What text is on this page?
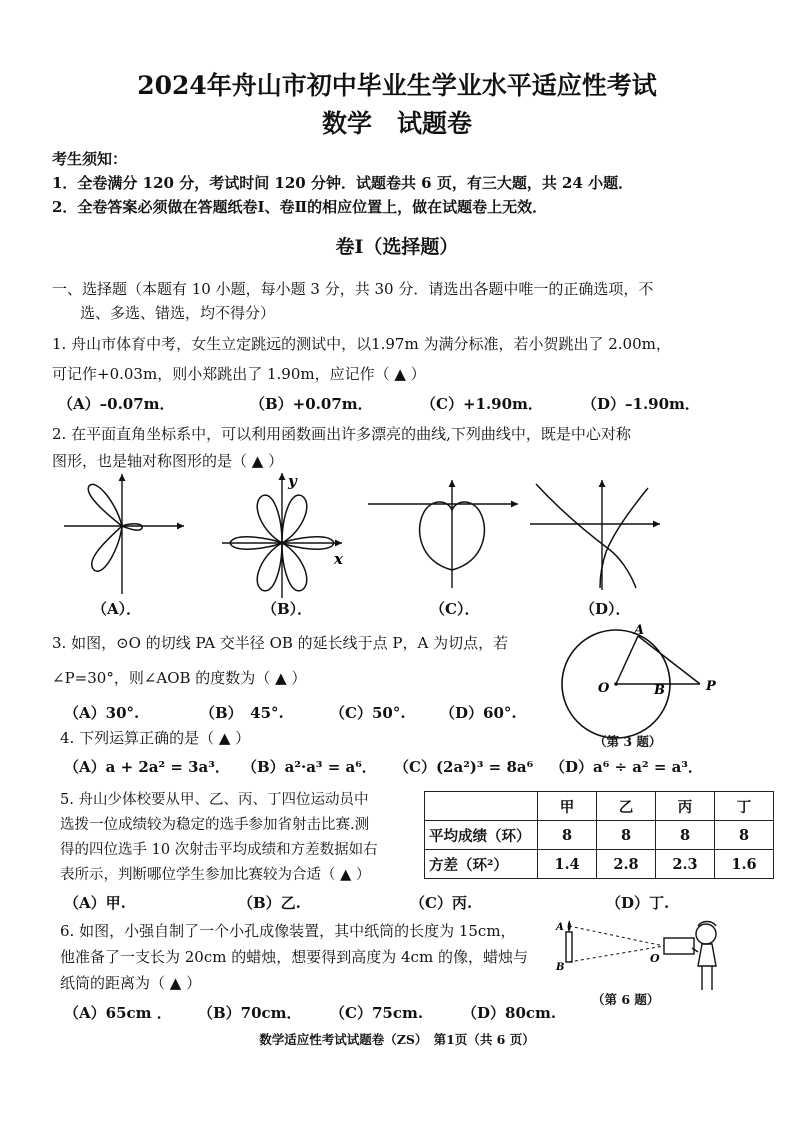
2024年舟山市初中毕业生学业水平适应性考试
数学　试题卷
考生须知：
1．全卷满分 120 分，考试时间 120 分钟．试题卷共 6 页，有三大题，共 24 小题．
2．全卷答案必须做在答题纸卷Ⅰ、卷Ⅱ的相应位置上，做在试题卷上无效．
卷Ⅰ（选择题）
一、选择题（本题有 10 小题，每小题 3 分，共 30 分．请选出各题中唯一的正确选项，不
选、多选、错选，均不得分）
1. 舟山市体育中考，女生立定跳远的测试中，以1.97m 为满分标准，若小贺跳出了 2.00m，
可记作+0.03m，则小郑跳出了 1.90m，应记作（ ▲ ）
（A）–0.07m．	（B）+0.07m．	（C）+1.90m．	（D）–1.90m．
2. 在平面直角坐标系中，可以利用函数画出许多漂亮的曲线,下列曲线中，既是中心对称
图形，也是轴对称图形的是（ ▲ ）
y
x
（A）．	（B）．	（C）．	（D）．
3. 如图，⊙O 的切线 PA 交半径 OB 的延长线于点 P，A 为切点，若
∠P=30°，则∠AOB 的度数为（ ▲ ）
（A）30°.	（B）　45°.	（C）50°. （D）60°.
A
O	B	P
（第 3 题）
4. 下列运算正确的是（ ▲ ）
（A）a + 2a² = 3a³． （B）a²·a³ = a⁶． （C）(2a²)³ = 8a⁶ （D）a⁶ ÷ a² = a³．
5. 舟山少体校要从甲、乙、丙、丁四位运动员中
选拨一位成绩较为稳定的选手参加省射击比赛.测
得的四位选手 10 次射击平均成绩和方差数据如右
表所示，判断哪位学生参加比赛较为合适（ ▲ ）
	甲	乙	丙	丁
平均成绩（环）	8	8	8	8
方差（环²）	1.4	2.8	2.3	1.6
（A）甲.	（B）乙.	（C）丙.	（D）丁.
6. 如图，小强自制了一个小孔成像装置，其中纸筒的长度为 15cm，
他准备了一支长为 20cm 的蜡烛，想要得到高度为 4cm 的像，蜡烛与
纸筒的距离为（ ▲ ）
（A）65cm ． （B）70cm． （C）75cm.	（D）80cm.
A
B
O
（第 6 题）
数学适应性考试试题卷（ZS）　第1页（共 6 页）
